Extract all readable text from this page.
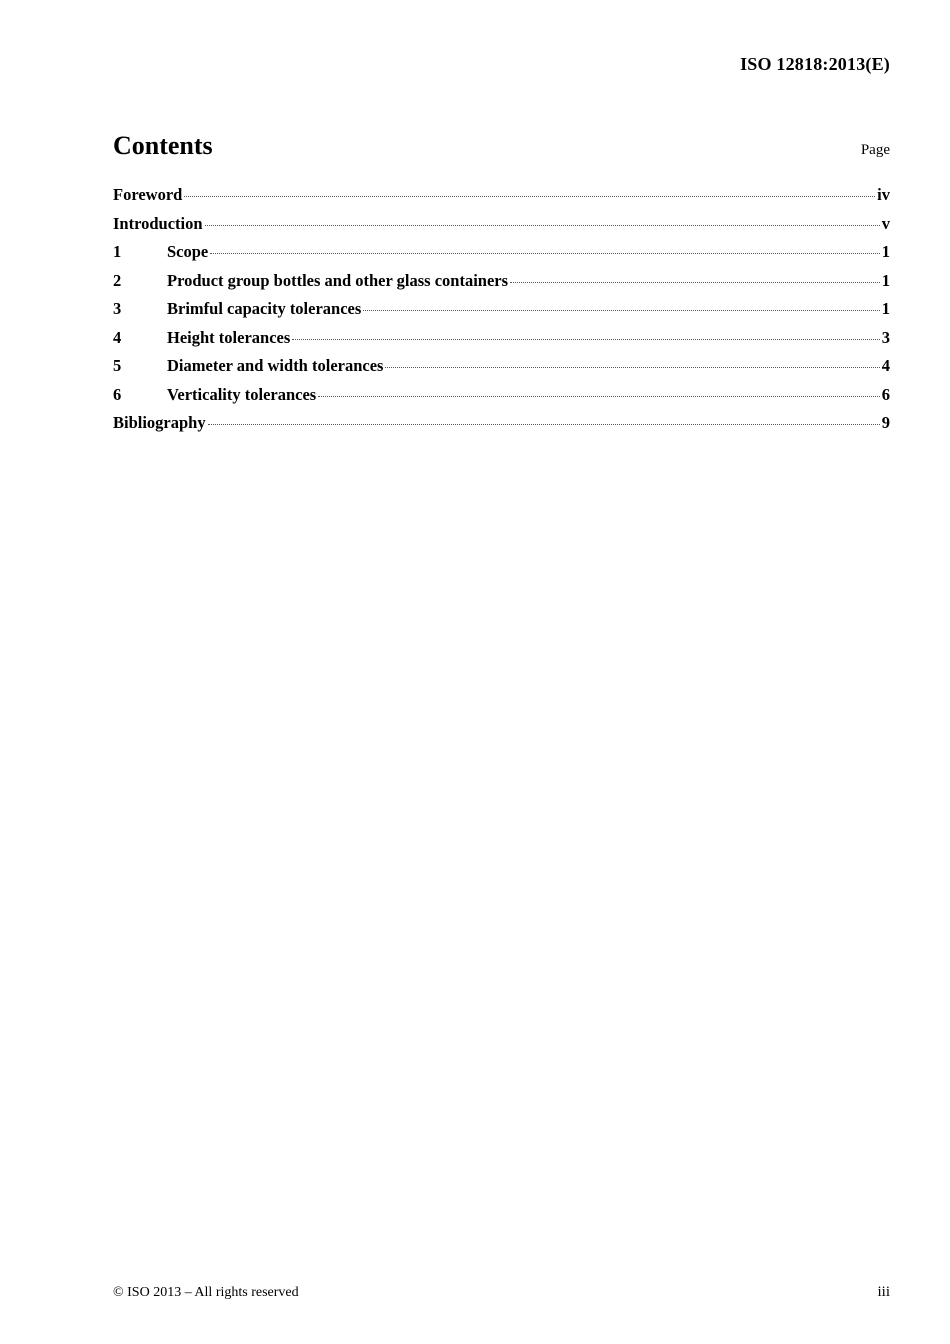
ISO 12818:2013(E)
Contents	Page
Foreword	iv
Introduction	v
1	Scope	1
2	Product group bottles and other glass containers	1
3	Brimful capacity tolerances	1
4	Height tolerances	3
5	Diameter and width tolerances	4
6	Verticality tolerances	6
Bibliography	9
© ISO 2013 – All rights reserved	iii
